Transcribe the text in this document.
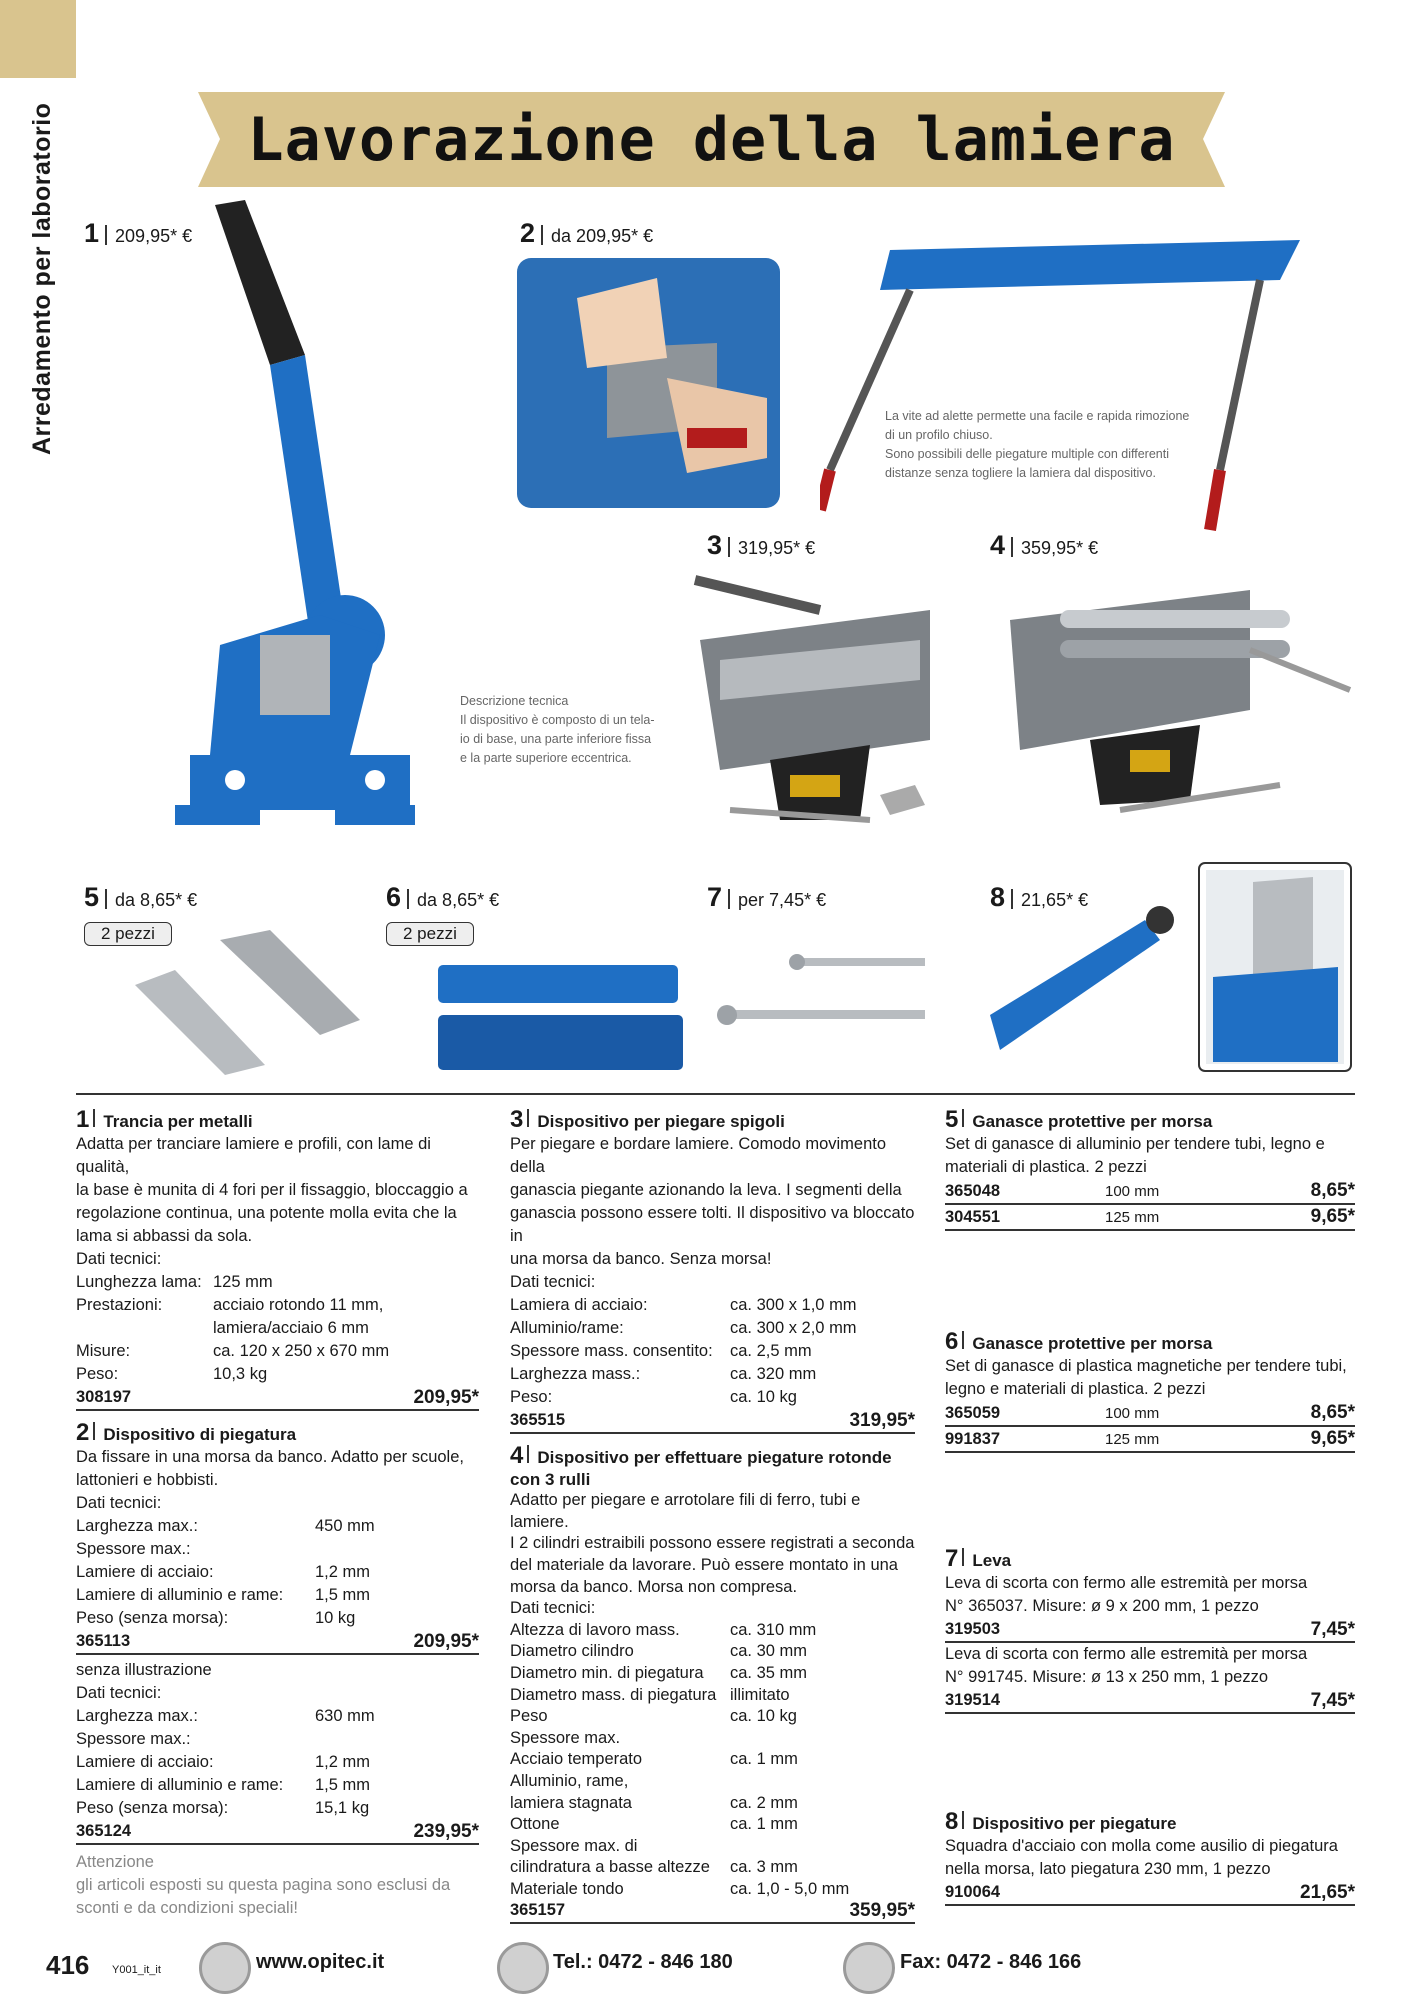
Arredamento per laboratorio	Lavorazione della lamiera
1 209,95* €	2 da 209,95* €
3 319,95* €	4 359,95* €
5 da 8,65* €
2 pezzi
6 da 8,65* €
2 pezzi
7 per 7,45* €	8 21,65* €
Descrizione tecnica
Il dispositivo è composto di un tela-
io di base, una parte inferiore fissa
e la parte superiore eccentrica.
La vite ad alette permette una facile e rapida rimozione
di un profilo chiuso.
Sono possibili delle piegature multiple con differenti
distanze senza togliere la lamiera dal dispositivo.
1 Trancia per metalli
Adatta per tranciare lamiere e profili, con lame di qualità,
la base è munita di 4 fori per il fissaggio, bloccaggio a
regolazione continua, una potente molla evita che la
lama si abbassi da sola.
Dati tecnici:
Lunghezza lama: 125 mm
Prestazioni:	acciaio rotondo 11 mm,
lamiera/acciaio 6 mm
Misure:	ca. 120 x 250 x 670 mm
Peso:	10,3 kg
308197	209,95*
2 Dispositivo di piegatura
Da fissare in una morsa da banco. Adatto per scuole,
lattonieri e hobbisti.
Dati tecnici:
Larghezza max.:	450 mm
Spessore max.:
Lamiere di acciaio:	1,2 mm
Lamiere di alluminio e rame:	1,5 mm
Peso (senza morsa):	10 kg
365113	209,95*
senza illustrazione
Dati tecnici:
Larghezza max.:	630 mm
Spessore max.:
Lamiere di acciaio:	1,2 mm
Lamiere di alluminio e rame:	1,5 mm
Peso (senza morsa):	15,1 kg
365124	239,95*
Attenzione
gli articoli esposti su questa pagina sono esclusi da
sconti e da condizioni speciali!
3 Dispositivo per piegare spigoli
Per piegare e bordare lamiere. Comodo movimento della
ganascia piegante azionando la leva. I segmenti della
ganascia possono essere tolti. Il dispositivo va bloccato in
una morsa da banco. Senza morsa!
Dati tecnici:
Lamiera di acciaio:	ca. 300 x 1,0 mm
Alluminio/rame:	ca. 300 x 2,0 mm
Spessore mass. consentito:	ca. 2,5 mm
Larghezza mass.:	ca. 320 mm
Peso:	ca. 10 kg
365515	319,95*
4 Dispositivo per effettuare piegature rotonde
con 3 rulli
Adatto per piegare e arrotolare fili di ferro, tubi e lamiere.
I 2 cilindri estraibili possono essere registrati a seconda
del materiale da lavorare. Può essere montato in una
morsa da banco. Morsa non compresa.
Dati tecnici:
Altezza di lavoro mass.	ca. 310 mm
Diametro cilindro	ca. 30 mm
Diametro min. di piegatura	ca. 35 mm
Diametro mass. di piegatura illimitato
Peso	ca. 10 kg
Spessore max.
Acciaio temperato	ca. 1 mm
Alluminio, rame,
lamiera stagnata	ca. 2 mm
Ottone	ca. 1 mm
Spessore max. di
cilindratura a basse altezze	ca. 3 mm
Materiale tondo	ca. 1,0 - 5,0 mm
365157	359,95*
5 Ganasce protettive per morsa
Set di ganasce di alluminio per tendere tubi, legno e
materiali di plastica. 2 pezzi
365048	100 mm	8,65*
304551	125 mm	9,65*
6 Ganasce protettive per morsa
Set di ganasce di plastica magnetiche per tendere tubi,
legno e materiali di plastica. 2 pezzi
365059	100 mm	8,65*
991837	125 mm	9,65*
7 Leva
Leva di scorta con fermo alle estremità per morsa
N° 365037. Misure: ø 9 x 200 mm, 1 pezzo
319503	7,45*
Leva di scorta con fermo alle estremità per morsa
N° 991745. Misure: ø 13 x 250 mm, 1 pezzo
319514	7,45*
8 Dispositivo per piegature
Squadra d'acciaio con molla come ausilio di piegatura
nella morsa, lato piegatura 230 mm, 1 pezzo
910064	21,65*
416 Y001_it_it	www.opitec.it	Tel.: 0472 - 846 180	Fax: 0472 - 846 166
